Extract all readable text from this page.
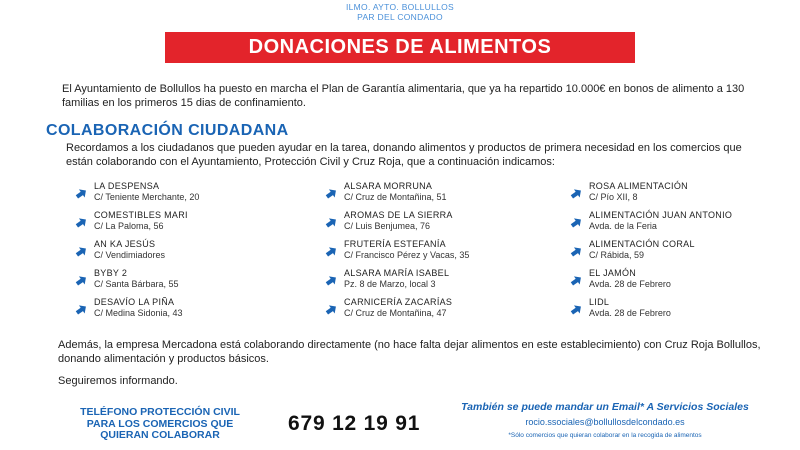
ILMO. AYTO. BOLLULLOS
PAR DEL CONDADO
DONACIONES DE ALIMENTOS

El Ayuntamiento de Bollullos ha puesto en marcha el Plan de Garantía alimentaria, que ya ha repartido 10.000€ en bonos de alimento a 130 familias en los primeros 15 dias de confinamiento.

COLABORACIÓN CIUDADANA

Recordamos a los ciudadanos que pueden ayudar en la tarea, donando alimentos y productos de primera necesidad en los comercios que están colaborando con el Ayuntamiento, Protección Civil y Cruz Roja, que a continuación indicamos:

LA DESPENSA
C/ Teniente Merchante, 20
COMESTIBLES MARI
C/ La Paloma, 56
AN KA JESÚS
C/ Vendimiadores
BYBY 2
C/ Santa Bárbara, 55
DESAVÍO LA PIÑA
C/ Medina Sidonia, 43
ALSARA MORRUNA
C/ Cruz de Montañina, 51
AROMAS DE LA SIERRA
C/ Luis Benjumea, 76
FRUTERÍA ESTEFANÍA
C/ Francisco Pérez y Vacas, 35
ALSARA MARÍA ISABEL
Pz. 8 de Marzo, local 3
CARNICERÍA ZACARÍAS
C/ Cruz de Montañina, 47
ROSA ALIMENTACIÓN
C/ Pío XII, 8
ALIMENTACIÓN JUAN ANTONIO
Avda. de la Feria
ALIMENTACIÓN CORAL
C/ Rábida, 59
EL JAMÓN
Avda. 28 de Febrero
LIDL
Avda. 28 de Febrero

Además, la empresa Mercadona está colaborando directamente (no hace falta dejar alimentos en este establecimiento) con Cruz Roja Bollullos, donando alimentación y productos básicos.

Seguiremos informando.

TELÉFONO PROTECCIÓN CIVIL
PARA LOS COMERCIOS QUE
QUIERAN COLABORAR	679 12 19 91
También se puede mandar un Email* A Servicios Sociales
rocio.ssociales@bollullosdelcondado.es
*Sólo comercios que quieran colaborar en la recogida de alimentos
